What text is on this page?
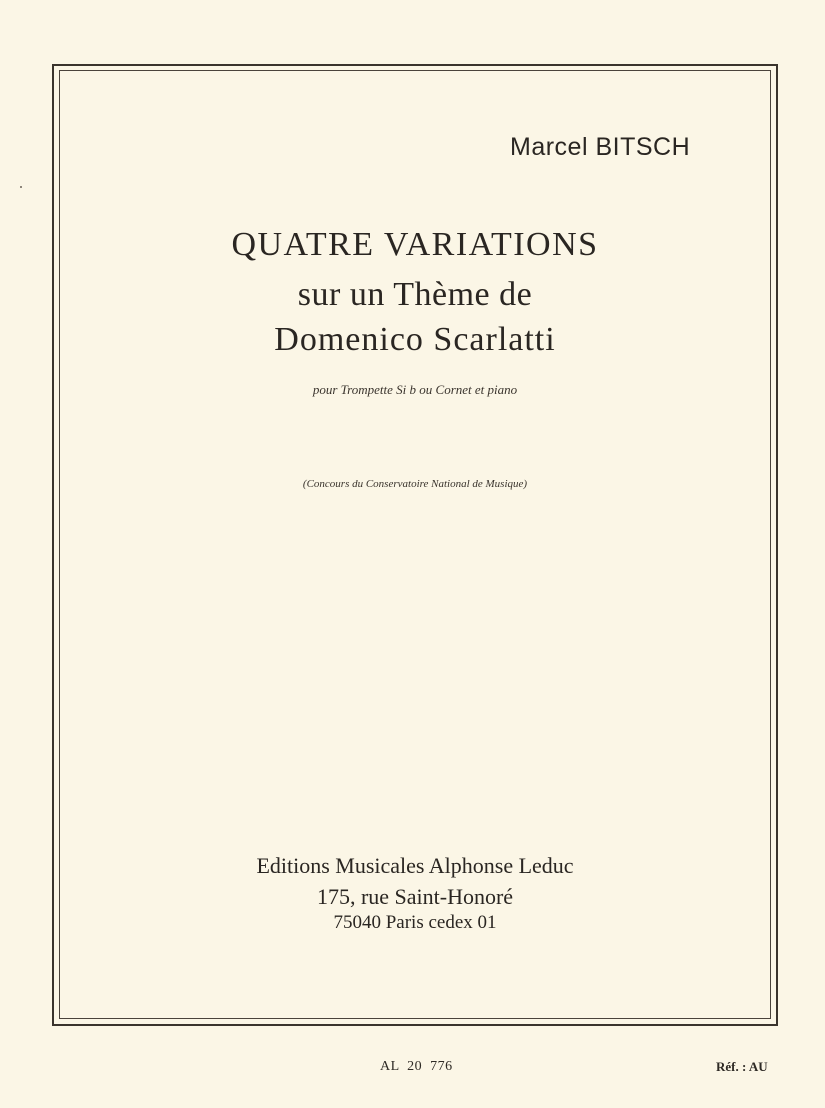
Marcel BITSCH
QUATRE VARIATIONS
sur un Thème de
Domenico Scarlatti
pour Trompette Si b ou Cornet et piano
(Concours du Conservatoire National de Musique)
Editions Musicales Alphonse Leduc
175, rue Saint-Honoré
75040 Paris cedex 01
AL 20 776	Réf. : AU
